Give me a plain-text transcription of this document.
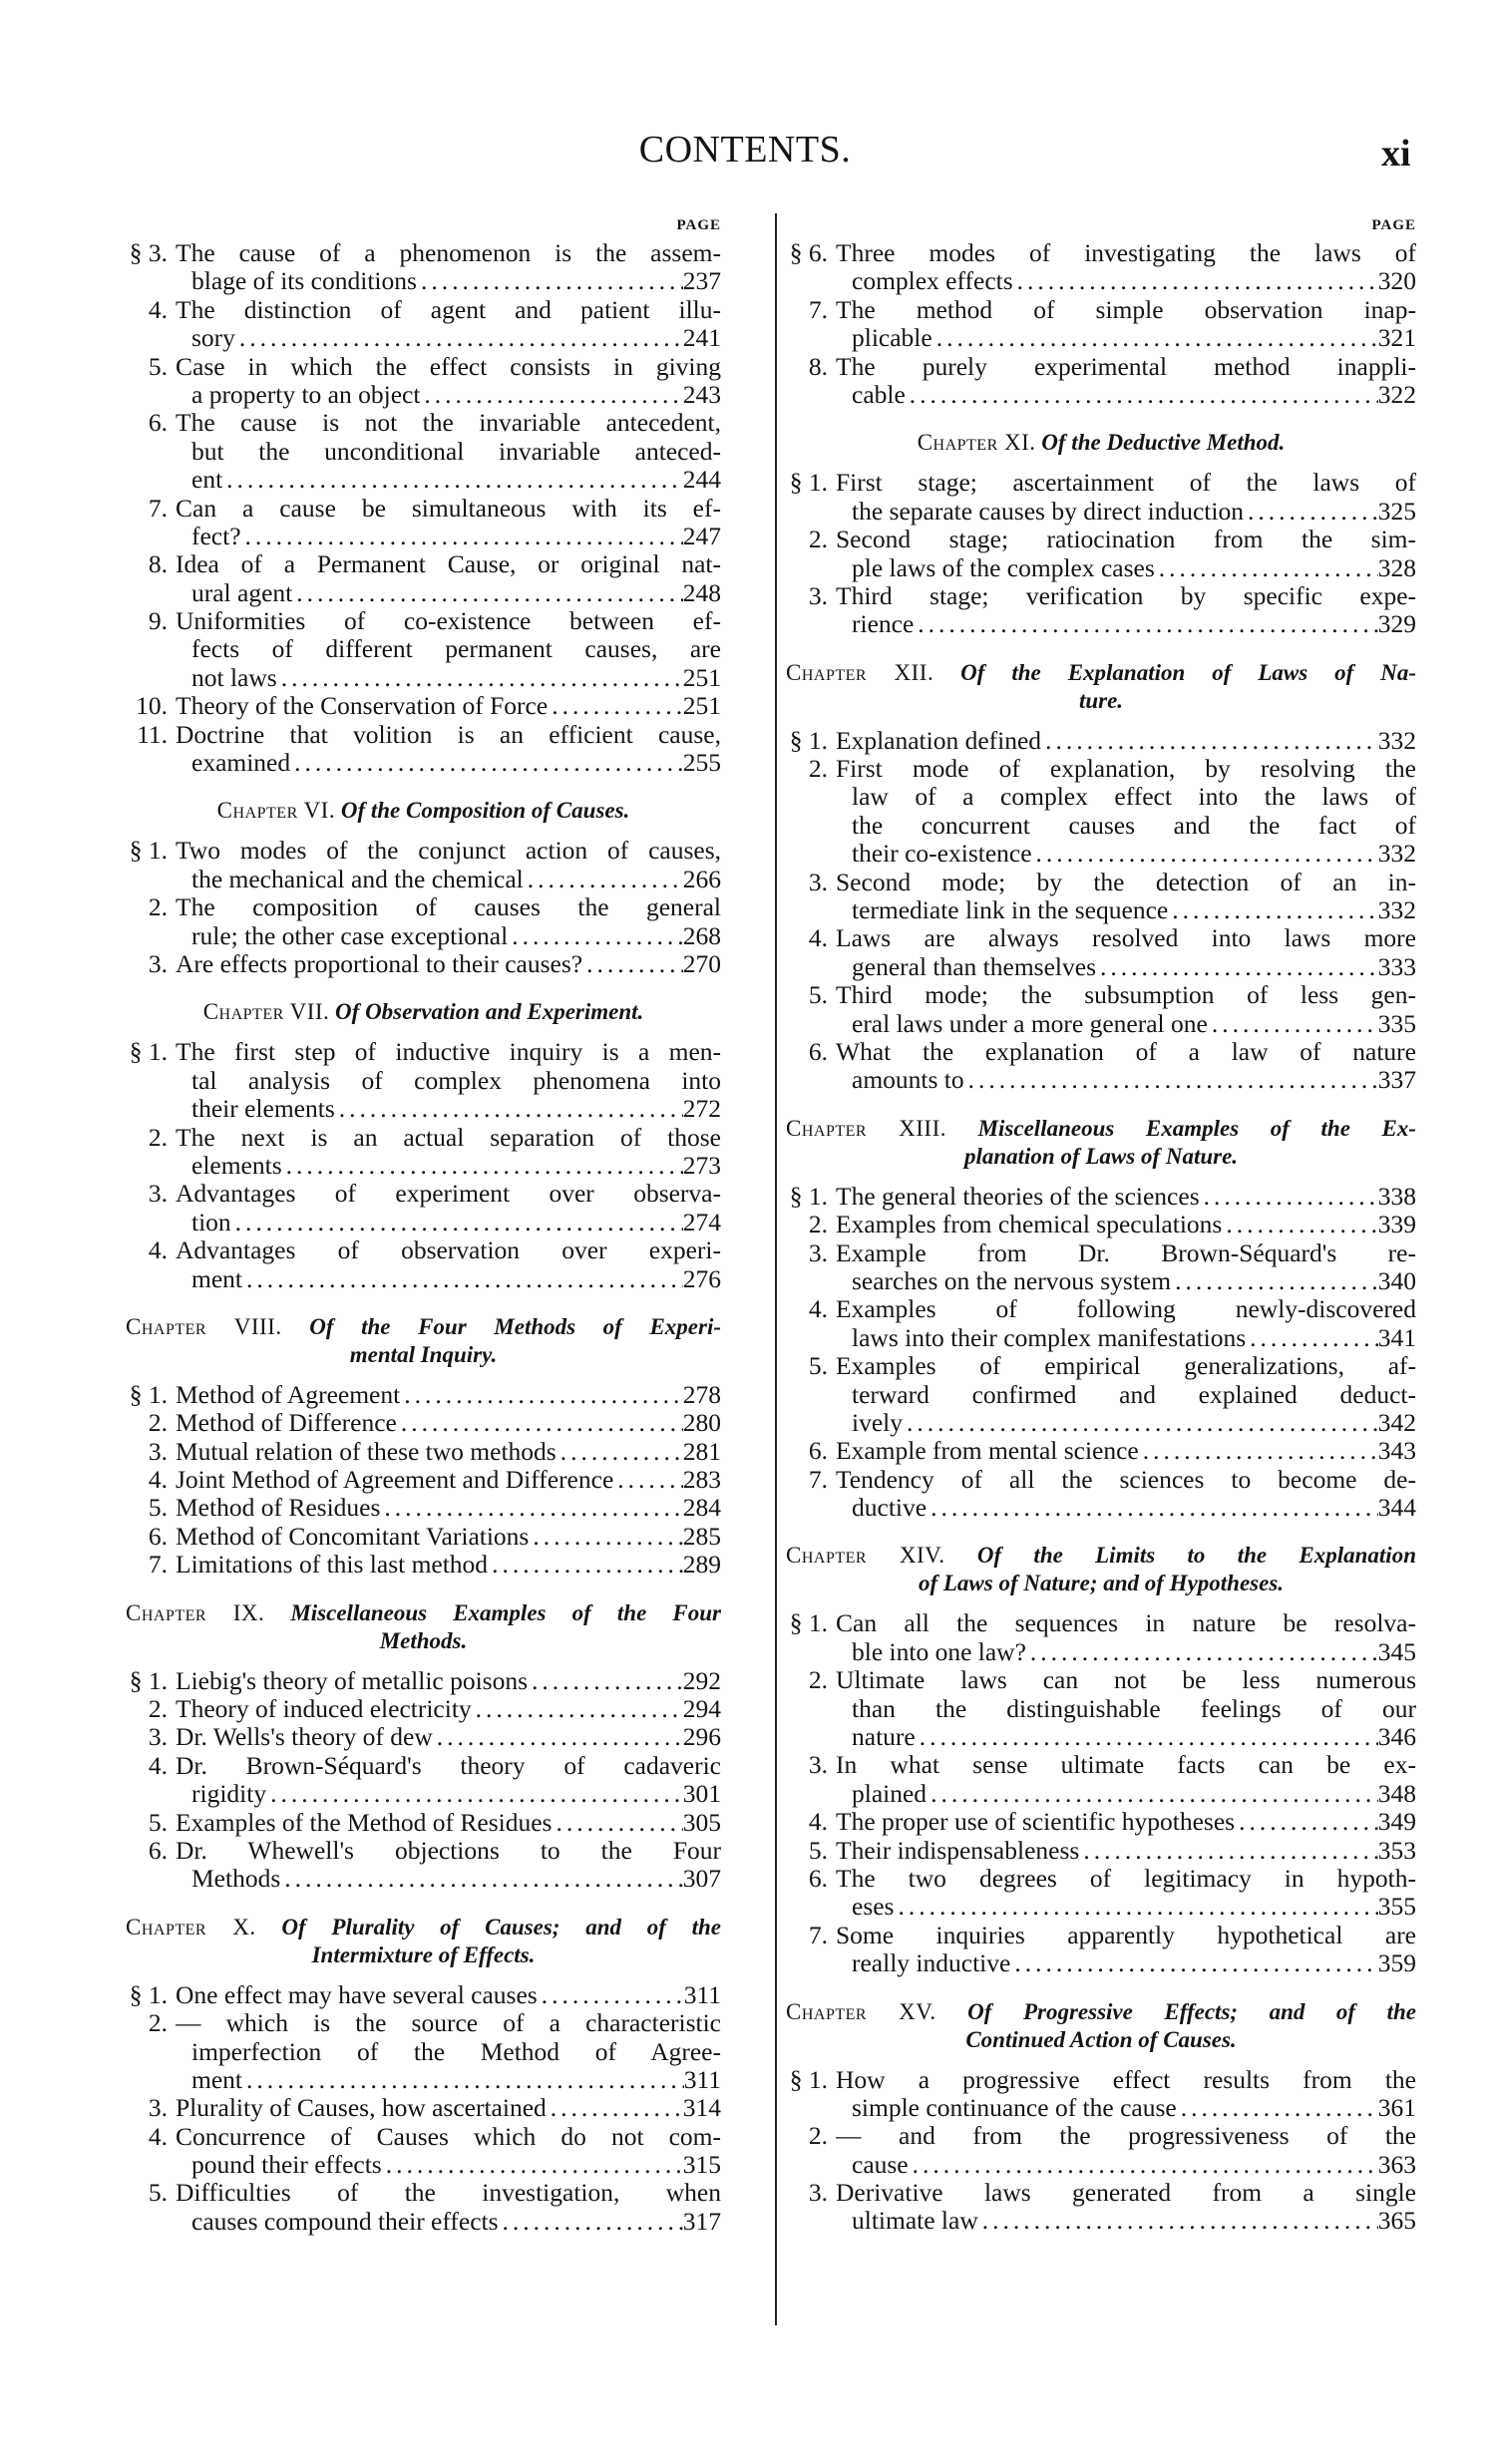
CONTENTS.	xi
PAGE
§ 3. The cause of a phenomenon is the assem-
blage of its conditions .....	237
4. The distinction of agent and patient illu-
sory .....	241
5. Case in which the effect consists in giving
a property to an object .....	243
6. The cause is not the invariable antecedent,
but the unconditional invariable anteced-
ent .....	244
7. Can a cause be simultaneous with its ef-
fect? .....	247
8. Idea of a Permanent Cause, or original nat-
ural agent .....	248
9. Uniformities of co-existence between ef-
fects of different permanent causes, are
not laws .....	251
10. Theory of the Conservation of Force .....	251
11. Doctrine that volition is an efficient cause,
examined .....	255
Chapter VI. Of the Composition of Causes.
§ 1. Two modes of the conjunct action of causes,
the mechanical and the chemical .....	266
2. The composition of causes the general
rule; the other case exceptional .....	268
3. Are effects proportional to their causes? .....	270
Chapter VII. Of Observation and Experiment.
§ 1. The first step of inductive inquiry is a men-
tal analysis of complex phenomena into
their elements .....	272
2. The next is an actual separation of those
elements .....	273
3. Advantages of experiment over observa-
tion .....	274
4. Advantages of observation over experi-
ment .....	276
Chapter VIII. Of the Four Methods of Experi-
mental Inquiry.
§ 1. Method of Agreement .....	278
2. Method of Difference .....	280
3. Mutual relation of these two methods .....	281
4. Joint Method of Agreement and Difference .....	283
5. Method of Residues .....	284
6. Method of Concomitant Variations .....	285
7. Limitations of this last method .....	289
Chapter IX. Miscellaneous Examples of the Four
Methods.
§ 1. Liebig's theory of metallic poisons .....	292
2. Theory of induced electricity .....	294
3. Dr. Wells's theory of dew .....	296
4. Dr. Brown-Séquard's theory of cadaveric
rigidity .....	301
5. Examples of the Method of Residues .....	305
6. Dr. Whewell's objections to the Four
Methods .....	307
Chapter X. Of Plurality of Causes; and of the
Intermixture of Effects.
§ 1. One effect may have several causes .....	311
2. — which is the source of a characteristic
imperfection of the Method of Agree-
ment .....	311
3. Plurality of Causes, how ascertained .....	314
4. Concurrence of Causes which do not com-
pound their effects .....	315
5. Difficulties of the investigation, when
causes compound their effects .....	317
PAGE
§ 6. Three modes of investigating the laws of
complex effects .....	320
7. The method of simple observation inap-
plicable .....	321
8. The purely experimental method inappli-
cable .....	322
Chapter XI. Of the Deductive Method.
§ 1. First stage; ascertainment of the laws of
the separate causes by direct induction .....	325
2. Second stage; ratiocination from the sim-
ple laws of the complex cases .....	328
3. Third stage; verification by specific expe-
rience .....	329
Chapter XII. Of the Explanation of Laws of Na-
ture.
§ 1. Explanation defined .....	332
2. First mode of explanation, by resolving the
law of a complex effect into the laws of
the concurrent causes and the fact of
their co-existence .....	332
3. Second mode; by the detection of an in-
termediate link in the sequence .....	332
4. Laws are always resolved into laws more
general than themselves .....	333
5. Third mode; the subsumption of less gen-
eral laws under a more general one .....	335
6. What the explanation of a law of nature
amounts to .....	337
Chapter XIII. Miscellaneous Examples of the Ex-
planation of Laws of Nature.
§ 1. The general theories of the sciences .....	338
2. Examples from chemical speculations .....	339
3. Example from Dr. Brown-Séquard's re-
searches on the nervous system .....	340
4. Examples of following newly-discovered
laws into their complex manifestations .....	341
5. Examples of empirical generalizations, af-
terward confirmed and explained deduct-
ively .....	342
6. Example from mental science .....	343
7. Tendency of all the sciences to become de-
ductive .....	344
Chapter XIV. Of the Limits to the Explanation
of Laws of Nature; and of Hypotheses.
§ 1. Can all the sequences in nature be resolva-
ble into one law? .....	345
2. Ultimate laws can not be less numerous
than the distinguishable feelings of our
nature .....	346
3. In what sense ultimate facts can be ex-
plained .....	348
4. The proper use of scientific hypotheses .....	349
5. Their indispensableness .....	353
6. The two degrees of legitimacy in hypoth-
eses .....	355
7. Some inquiries apparently hypothetical are
really inductive .....	359
Chapter XV. Of Progressive Effects; and of the
Continued Action of Causes.
§ 1. How a progressive effect results from the
simple continuance of the cause .....	361
2. — and from the progressiveness of the
cause .....	363
3. Derivative laws generated from a single
ultimate law .....	365
